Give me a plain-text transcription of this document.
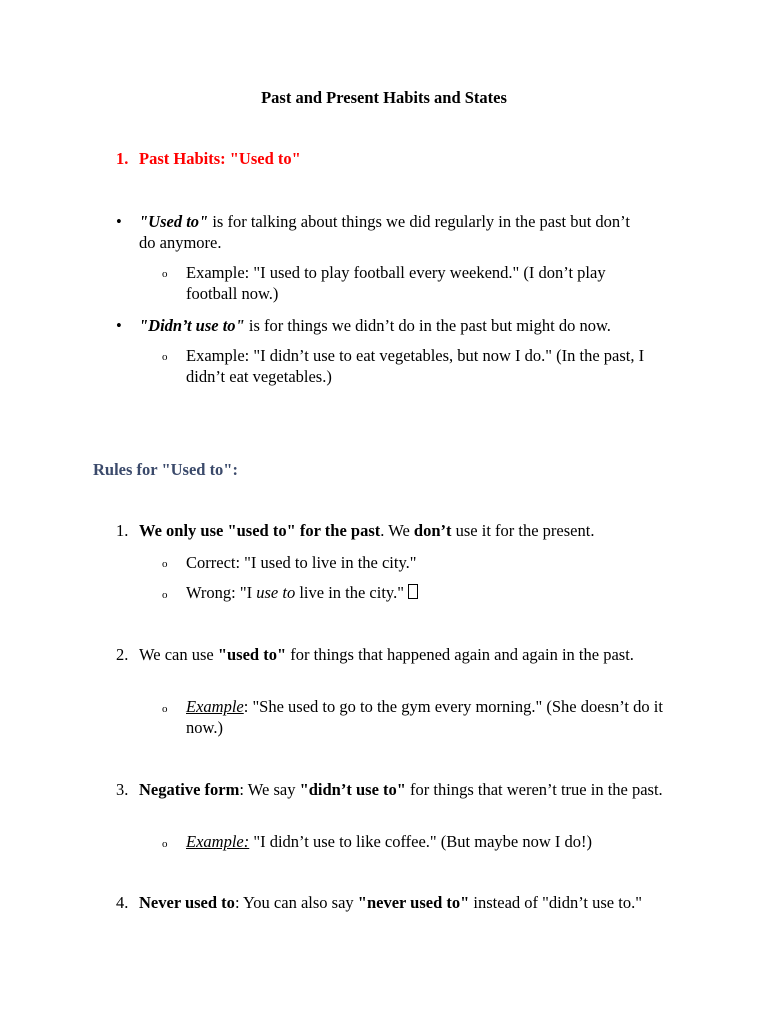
Past and Present Habits and States
1. Past Habits: "Used to"
• "Used to" is for talking about things we did regularly in the past but don’t do anymore.
o Example: "I used to play football every weekend." (I don’t play football now.)
• "Didn’t use to" is for things we didn’t do in the past but might do now.
o Example: "I didn’t use to eat vegetables, but now I do." (In the past, I didn’t eat vegetables.)
Rules for "Used to":
1. We only use "used to" for the past. We don’t use it for the present.
o Correct: "I used to live in the city."
o Wrong: "I use to live in the city."
2. We can use "used to" for things that happened again and again in the past.
o Example: "She used to go to the gym every morning." (She doesn’t do it now.)
3. Negative form: We say "didn’t use to" for things that weren’t true in the past.
o Example: "I didn’t use to like coffee." (But maybe now I do!)
4. Never used to: You can also say "never used to" instead of "didn’t use to."
